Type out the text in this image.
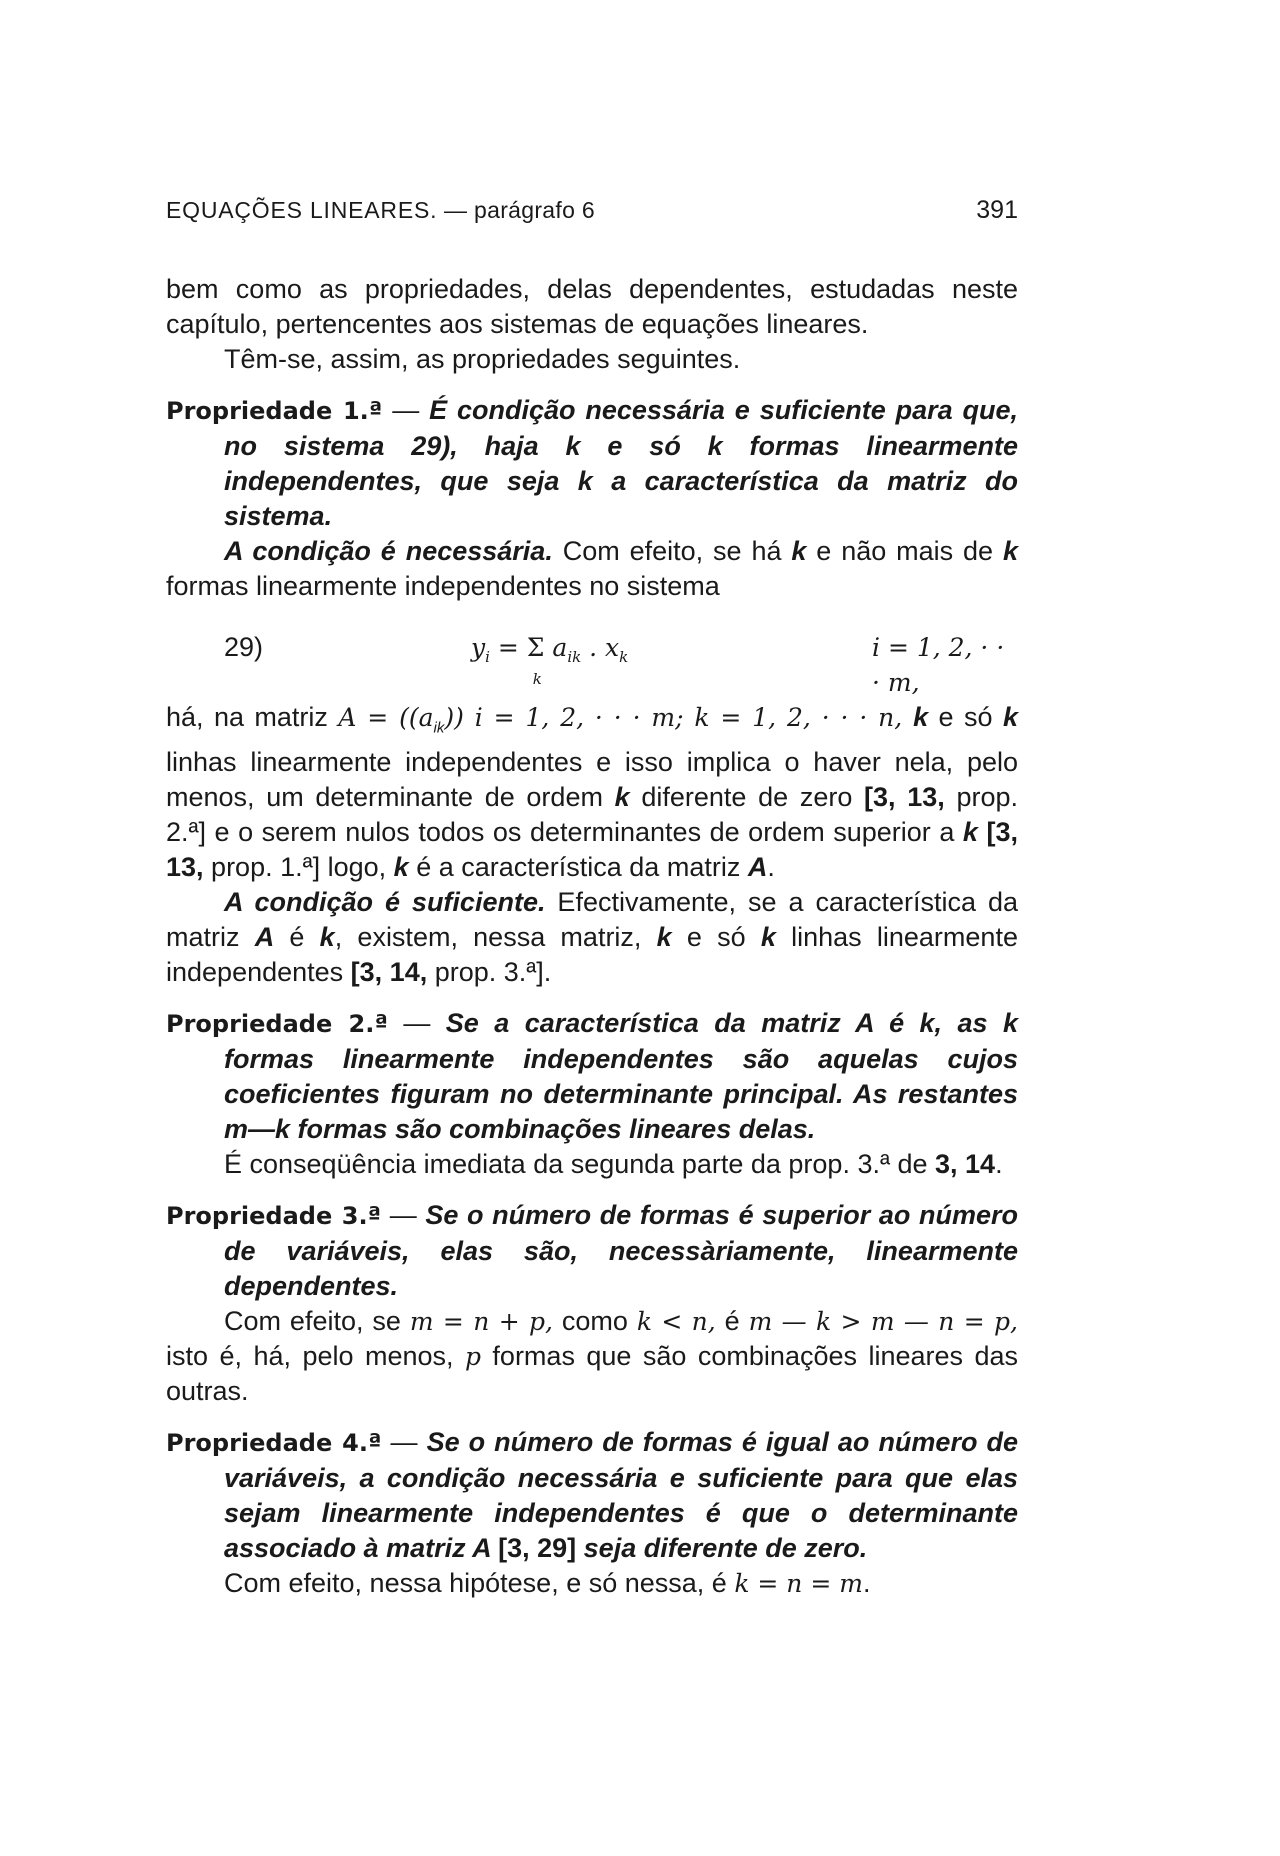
EQUAÇÕES LINEARES. — parágrafo 6	391

bem como as propriedades, delas dependentes, estudadas neste capítulo, pertencentes aos sistemas de equações lineares.

Têm-se, assim, as propriedades seguintes.

Propriedade 1.ª — É condição necessária e suficiente para que, no sistema 29), haja k e só k formas linearmente independentes, que seja k a característica da matriz do sistema.

A condição é necessária. Com efeito, se há k e não mais de k formas linearmente independentes no sistema

29)	$y_i = \Sigma$
k
$a_{ik}$ . $x_k$	i = 1, 2, · · · m,

há, na matriz $A = ((a_{ik})) i = 1$, 2, · · · m; k = 1, 2, · · · n, k e só k linhas linearmente independentes e isso implica o haver nela, pelo menos, um determinante de ordem k diferente de zero [3, 13, prop. 2.ª] e o serem nulos todos os determinantes de ordem superior a k [3, 13, prop. 1.ª] logo, k é a característica da matriz A.

A condição é suficiente. Efectivamente, se a característica da matriz A é k, existem, nessa matriz, k e só k linhas linearmente independentes [3, 14, prop. 3.ª].

Propriedade 2.ª — Se a característica da matriz A é k, as k formas linearmente independentes são aquelas cujos coeficientes figuram no determinante principal. As restantes m—k formas são combinações lineares delas.

É conseqüência imediata da segunda parte da prop. 3.ª de 3, 14.

Propriedade 3.ª — Se o número de formas é superior ao número de variáveis, elas são, necessàriamente, linearmente dependentes.

Com efeito, se m = n + p, como k < n, é m — k > m — n = p, isto é, há, pelo menos, p formas que são combinações lineares das outras.

Propriedade 4.ª — Se o número de formas é igual ao número de variáveis, a condição necessária e suficiente para que elas sejam linearmente independentes é que o determinante associado à matriz A [3, 29] seja diferente de zero.

Com efeito, nessa hipótese, e só nessa, é k = n = m.
